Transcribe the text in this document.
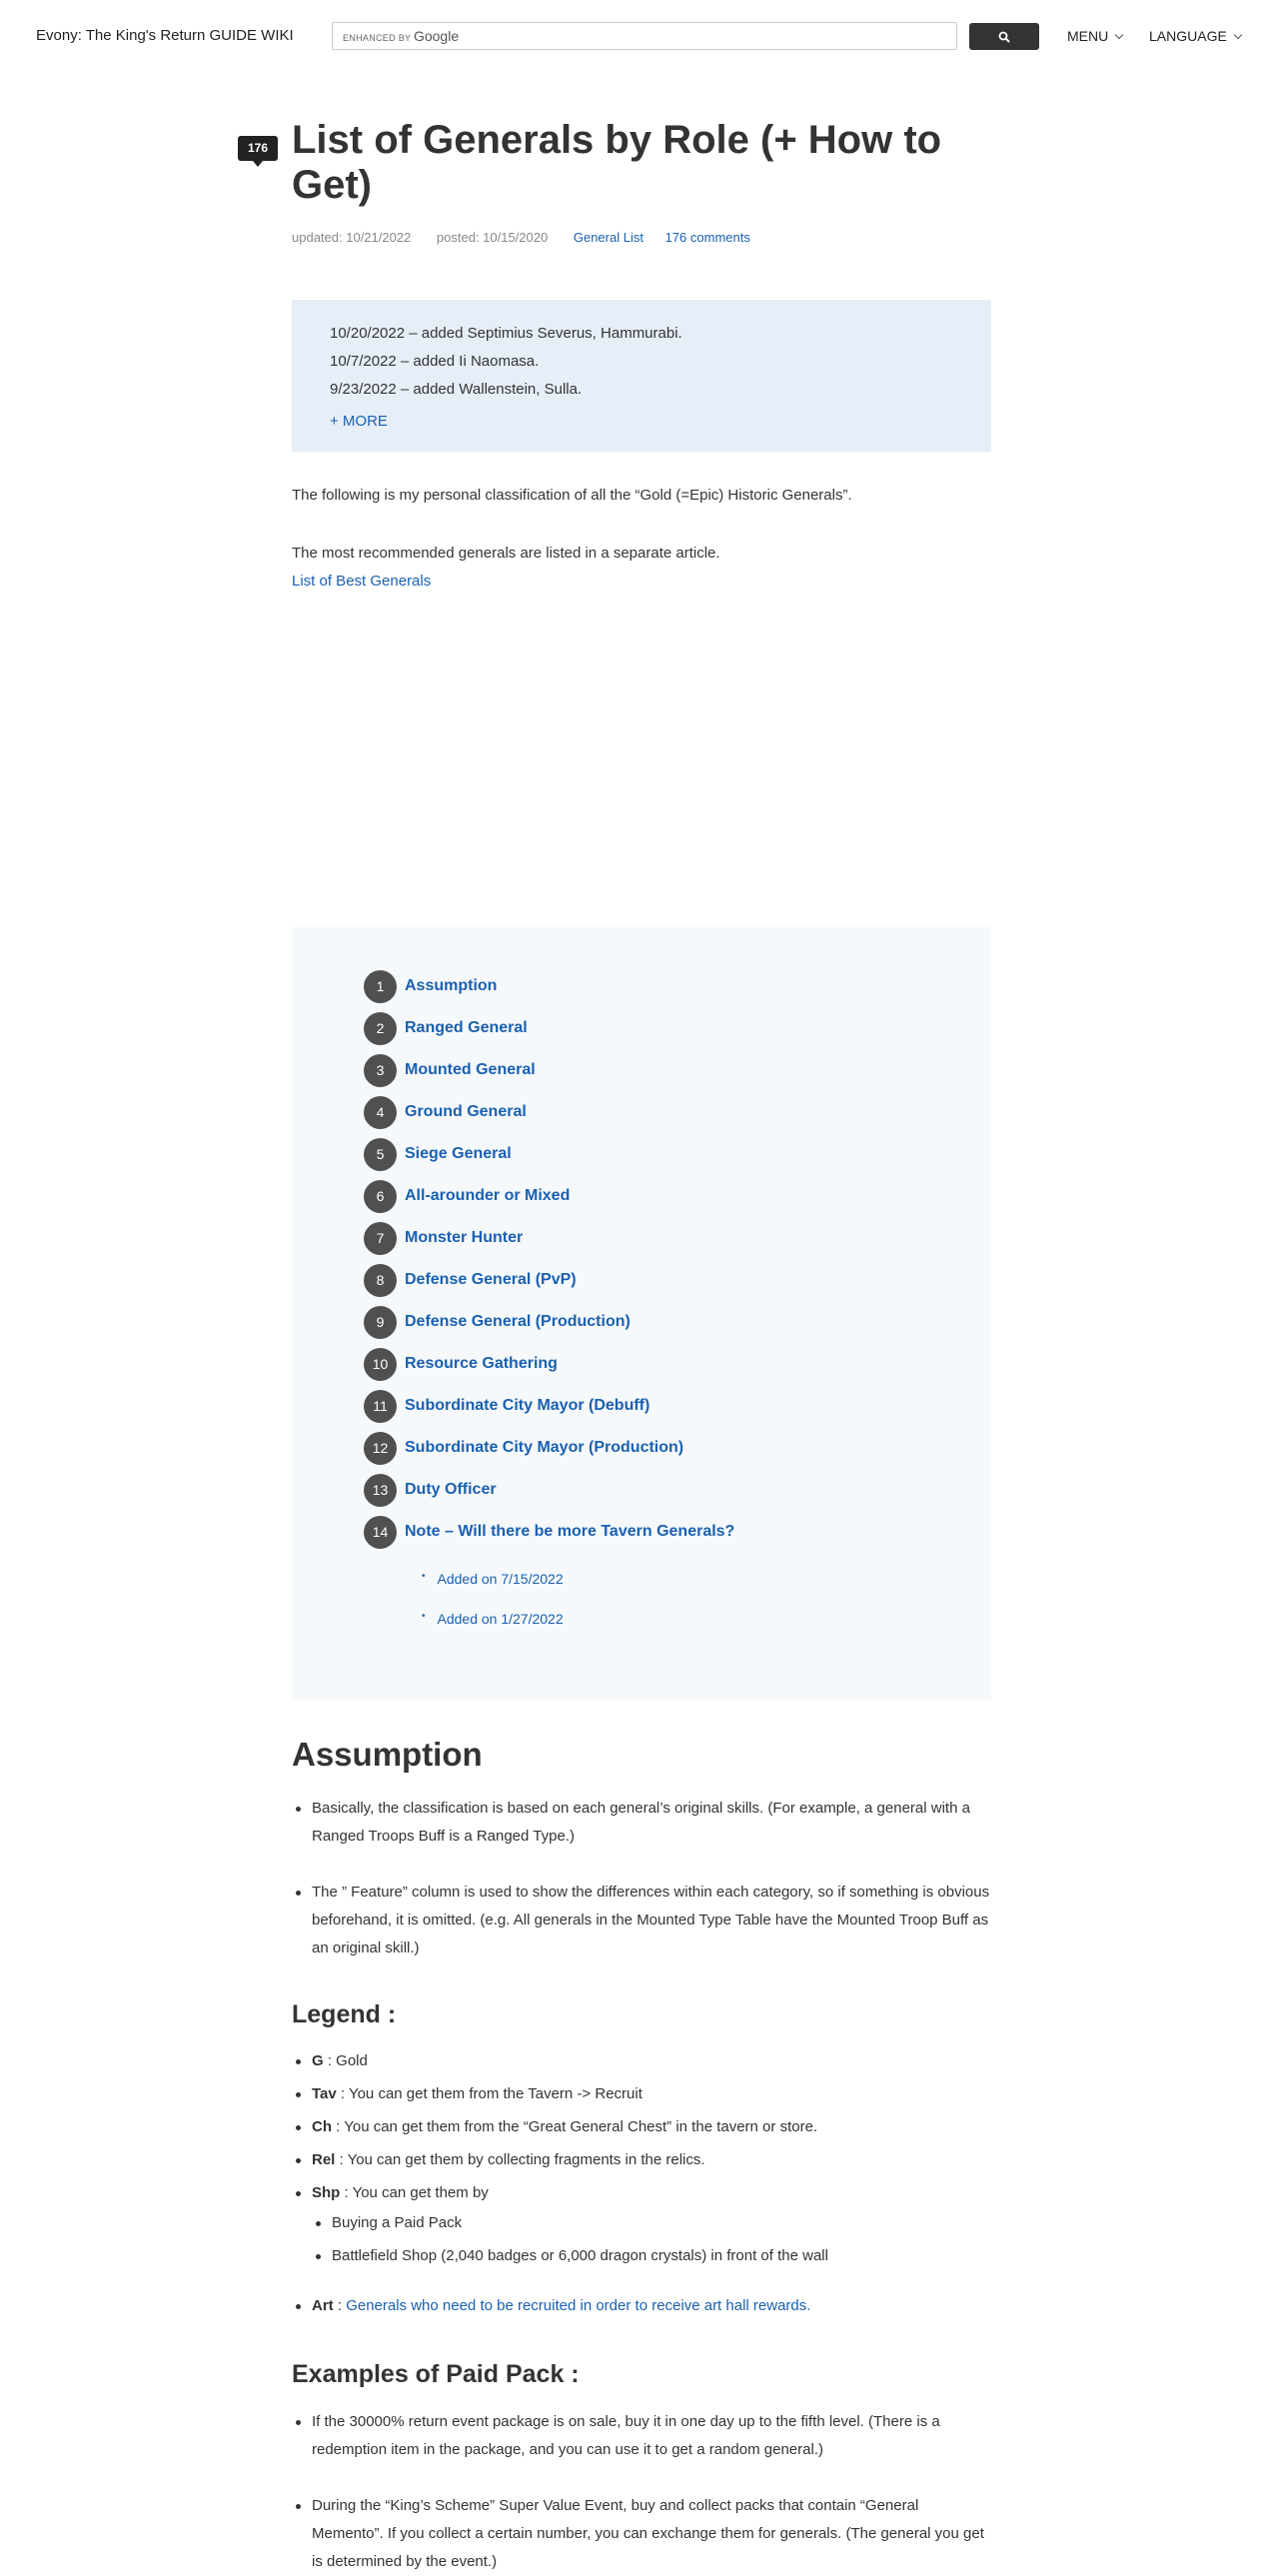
Evony: The King's Return GUIDE WIKI	ENHANCED BY Google	MENU	LANGUAGE
176 List of Generals by Role (+ How to Get)
updated: 10/21/2022 posted: 10/15/2020 General List 176 comments

10/20/2022 – added Septimius Severus, Hammurabi.

10/7/2022 – added Ii Naomasa.

9/23/2022 – added Wallenstein, Sulla.

+ MORE

The following is my personal classification of all the “Gold (=Epic) Historic Generals”.

The most recommended generals are listed in a separate article.

List of Best Generals
1	Assumption
2	Ranged General
3	Mounted General
4	Ground General
5	Siege General
6	All-arounder or Mixed
7	Monster Hunter
8	Defense General (PvP)
9	Defense General (Production)
10	Resource Gathering
11	Subordinate City Mayor (Debuff)
12	Subordinate City Mayor (Production)
13	Duty Officer
14	Note – Will there be more Tavern Generals?
• Added on 7/15/2022
• Added on 1/27/2022
Assumption
Basically, the classification is based on each general’s original skills. (For example, a general with a Ranged Troops Buff is a Ranged Type.)
The ” Feature” column is used to show the differences within each category, so if something is obvious beforehand, it is omitted. (e.g. All generals in the Mounted Type Table have the Mounted Troop Buff as an original skill.)
Legend :
G : Gold
Tav : You can get them from the Tavern -> Recruit
Ch : You can get them from the “Great General Chest” in the tavern or store.
Rel : You can get them by collecting fragments in the relics.
Shp : You can get them by
Buying a Paid Pack
Battlefield Shop (2,040 badges or 6,000 dragon crystals) in front of the wall
Art : Generals who need to be recruited in order to receive art hall rewards.
Examples of Paid Pack :
If the 30000% return event package is on sale, buy it in one day up to the fifth level. (There is a redemption item in the package, and you can use it to get a random general.)
During the “King’s Scheme” Super Value Event, buy and collect packs that contain “General Memento”. If you collect a certain number, you can exchange them for generals. (The general you get is determined by the event.)
